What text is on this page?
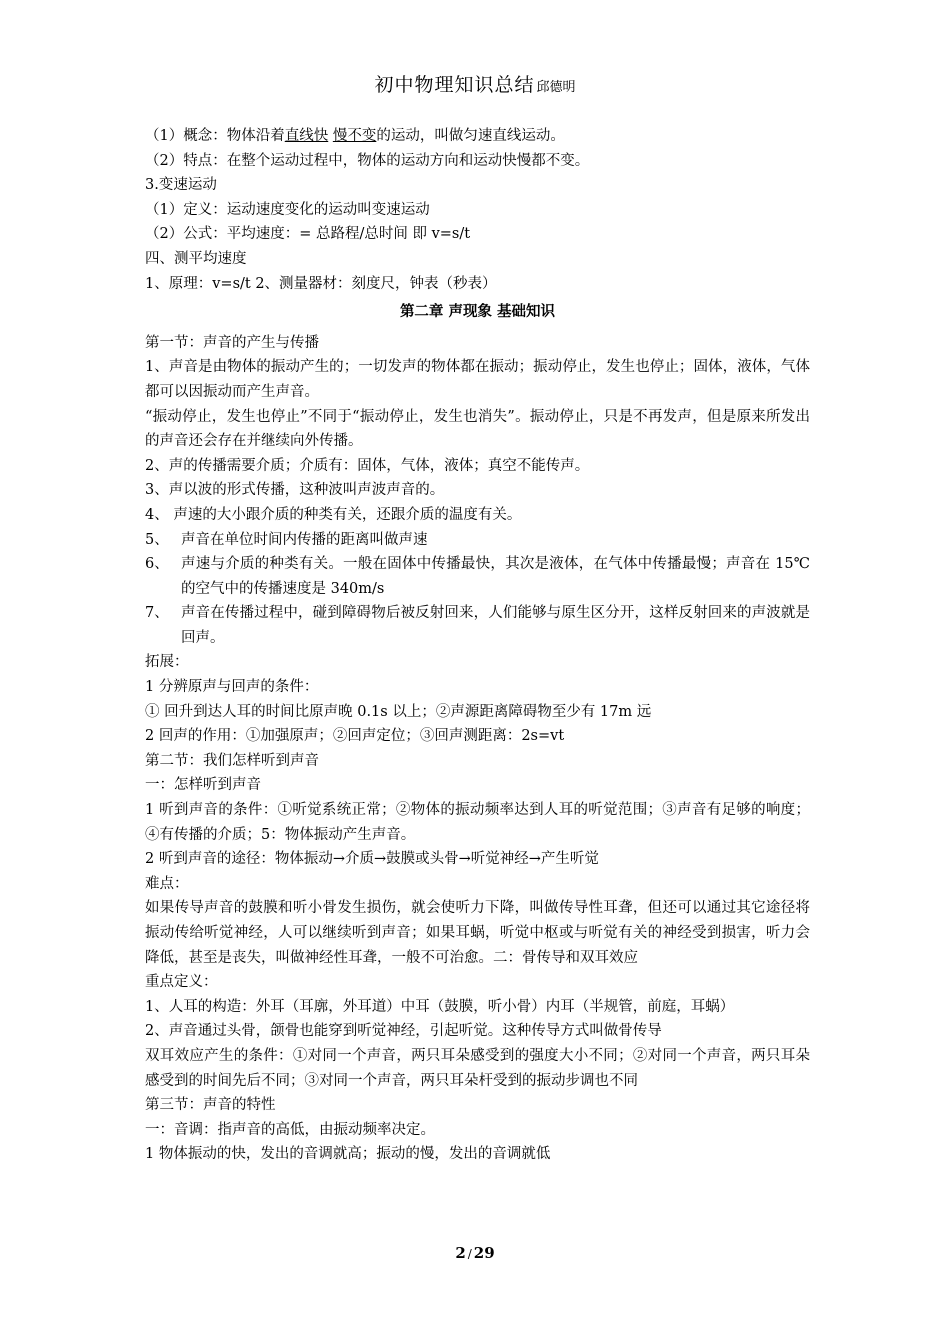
初中物理知识总结 邱德明
（1）概念：物体沿着直线快 慢不变的运动，叫做匀速直线运动。
（2）特点：在整个运动过程中，物体的运动方向和运动快慢都不变。
3.变速运动
（1）定义：运动速度变化的运动叫变速运动
（2）公式：平均速度：= 总路程/总时间 即 v=s/t
四、测平均速度
1、原理：v=s/t 2、测量器材：刻度尺，钟表（秒表）
第二章 声现象 基础知识
第一节：声音的产生与传播
1、声音是由物体的振动产生的；一切发声的物体都在振动；振动停止，发生也停止；固体，液体，气体都可以因振动而产生声音。
“振动停止，发生也停止”不同于“振动停止，发生也消失”。振动停止，只是不再发声，但是原来所发出的声音还会存在并继续向外传播。
2、声的传播需要介质；介质有：固体，气体，液体；真空不能传声。
3、声以波的形式传播，这种波叫声波声音的。
4、 声速的大小跟介质的种类有关，还跟介质的温度有关。
5、 声音在单位时间内传播的距离叫做声速
6、 声速与介质的种类有关。一般在固体中传播最快，其次是液体，在气体中传播最慢；声音在 15℃的空气中的传播速度是 340m/s
7、 声音在传播过程中，碰到障碍物后被反射回来，人们能够与原生区分开，这样反射回来的声波就是回声。
拓展：
1 分辨原声与回声的条件：
① 回升到达人耳的时间比原声晚 0.1s 以上；②声源距离障碍物至少有 17m 远
2 回声的作用：①加强原声；②回声定位；③回声测距离：2s=vt
第二节：我们怎样听到声音
一：怎样听到声音
1 听到声音的条件：①听觉系统正常；②物体的振动频率达到人耳的听觉范围；③声音有足够的响度；④有传播的介质；5：物体振动产生声音。
2 听到声音的途径：物体振动→介质→鼓膜或头骨→听觉神经→产生听觉
难点：
如果传导声音的鼓膜和听小骨发生损伤，就会使听力下降，叫做传导性耳聋，但还可以通过其它途径将振动传给听觉神经，人可以继续听到声音；如果耳蜗，听觉中枢或与听觉有关的神经受到损害，听力会降低，甚至是丧失，叫做神经性耳聋，一般不可治愈。二：骨传导和双耳效应
重点定义：
1、人耳的构造：外耳（耳廓，外耳道）中耳（鼓膜，听小骨）内耳（半规管，前庭，耳蜗）
2、声音通过头骨，颌骨也能穿到听觉神经，引起听觉。这种传导方式叫做骨传导
双耳效应产生的条件：①对同一个声音，两只耳朵感受到的强度大小不同；②对同一个声音，两只耳朵感受到的时间先后不同；③对同一个声音，两只耳朵杆受到的振动步调也不同
第三节：声音的特性
一：音调：指声音的高低，由振动频率决定。
1 物体振动的快，发出的音调就高；振动的慢，发出的音调就低
2 / 29
